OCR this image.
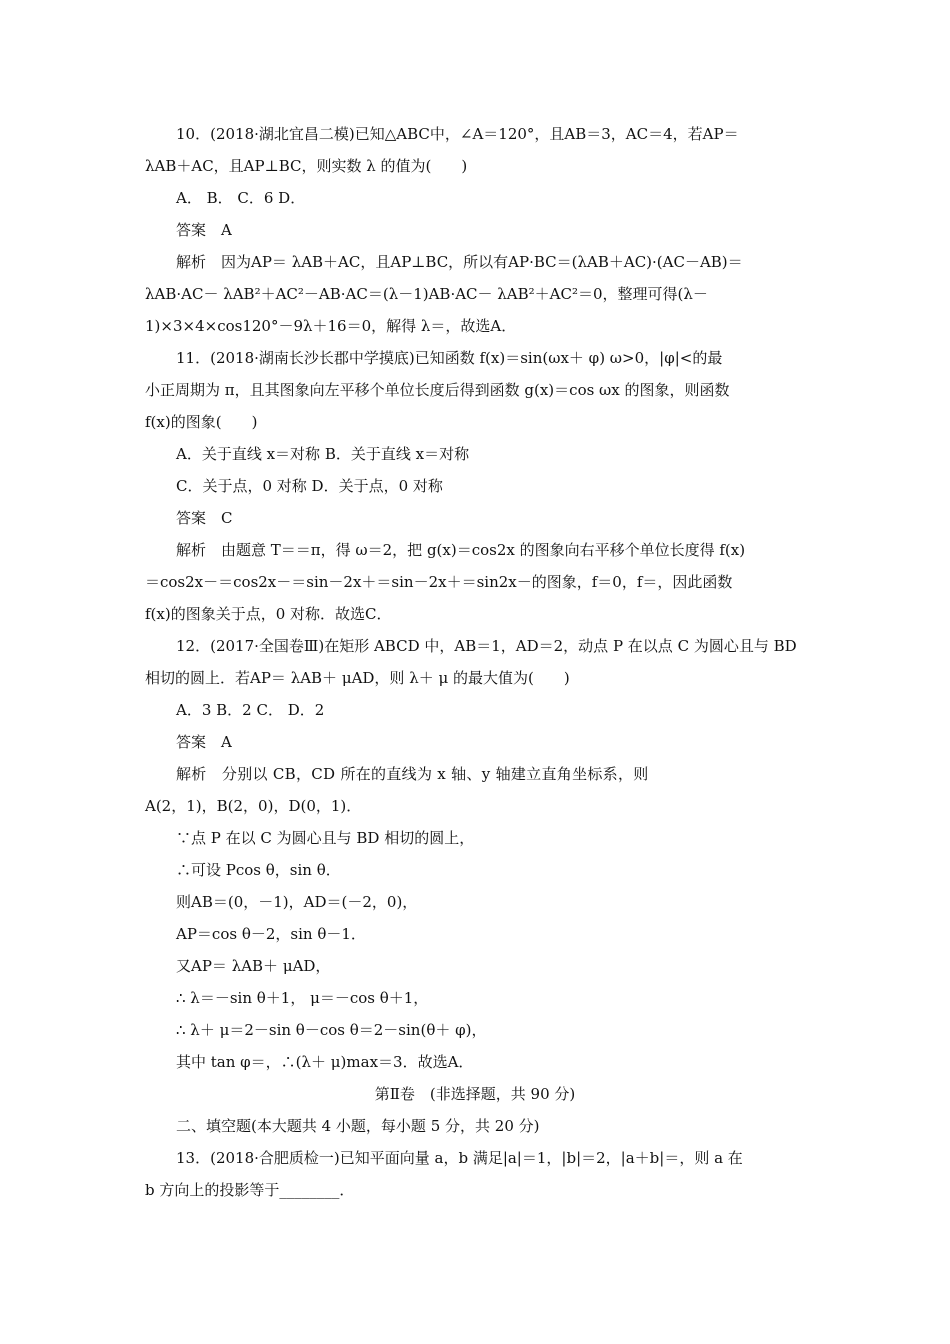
10．(2018·湖北宜昌二模)已知△ABC中，∠A＝120°，且AB＝3，AC＝4，若AP＝
λAB＋AC，且AP⊥BC，则实数 λ 的值为(　　)
A． B． C．6 D．
答案　A
解析　因为AP＝ λAB＋AC，且AP⊥BC，所以有AP·BC＝(λAB＋AC)·(AC－AB)＝
λAB·AC－ λAB²＋AC²－AB·AC＝(λ－1)AB·AC－ λAB²＋AC²＝0，整理可得(λ－
1)×3×4×cos120°－9λ＋16＝0，解得 λ＝，故选A．
11．(2018·湖南长沙长郡中学摸底)已知函数 f(x)＝sin(ωx＋ φ) ω>0，|φ|<的最
小正周期为 π，且其图象向左平移个单位长度后得到函数 g(x)＝cos ωx 的图象，则函数
f(x)的图象(　　)
A．关于直线 x＝对称 B．关于直线 x＝对称
C．关于点，0 对称 D．关于点，0 对称
答案　C
解析　由题意 T＝＝π，得 ω＝2，把 g(x)＝cos2x 的图象向右平移个单位长度得 f(x)
＝cos2x－＝cos2x－＝sin－2x＋＝sin－2x＋＝sin2x－的图象，f＝0，f＝，因此函数
f(x)的图象关于点，0 对称．故选C．
12．(2017·全国卷Ⅲ)在矩形 ABCD 中，AB＝1，AD＝2，动点 P 在以点 C 为圆心且与 BD
相切的圆上．若AP＝ λAB＋ μAD，则 λ＋ μ 的最大值为(　　)
A．3 B．2 C． D．2
答案　A
解析　分别以 CB，CD 所在的直线为 x 轴、y 轴建立直角坐标系，则
A(2，1)，B(2，0)，D(0，1)．
∵点 P 在以 C 为圆心且与 BD 相切的圆上，
∴可设 Pcos θ，sin θ．
则AB＝(0，－1)，AD＝(－2，0)，
AP＝cos θ－2，sin θ－1．
又AP＝ λAB＋ μAD，
∴ λ＝－sin θ＋1， μ＝－cos θ＋1，
∴ λ＋ μ＝2－sin θ－cos θ＝2－sin(θ＋ φ)，
其中 tan φ＝，∴(λ＋ μ)max＝3．故选A．
第Ⅱ卷　(非选择题，共 90 分)
二、填空题(本大题共 4 小题，每小题 5 分，共 20 分)
13．(2018·合肥质检一)已知平面向量 a，b 满足|a|＝1，|b|＝2，|a＋b|＝，则 a 在
b 方向上的投影等于________．
